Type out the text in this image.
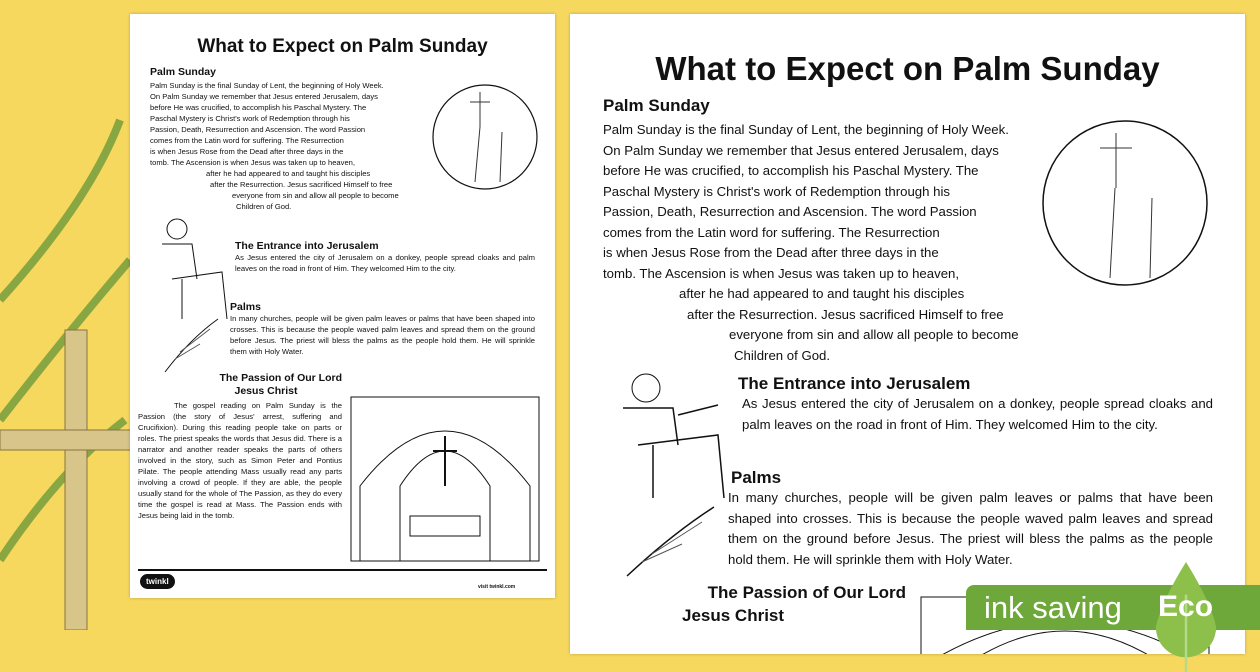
What to Expect on Palm Sunday
Palm Sunday
Palm Sunday is the final Sunday of Lent, the beginning of Holy Week.
On Palm Sunday we remember that Jesus entered Jerusalem, days
before He was crucified, to accomplish his Paschal Mystery. The
Paschal Mystery is Christ's work of Redemption through his
Passion, Death, Resurrection and Ascension. The word Passion
comes from the Latin word for suffering. The Resurrection
is when Jesus Rose from the Dead after three days in the
tomb. The Ascension is when Jesus was taken up to heaven,
after he had appeared to and taught his disciples
after the Resurrection. Jesus sacrificed Himself to free
everyone from sin and allow all people to become
Children of God.
The Entrance into Jerusalem
As Jesus entered the city of Jerusalem on a donkey, people spread cloaks and palm leaves on the road in front of Him. They welcomed Him to the city.
Palms
In many churches, people will be given palm leaves or palms that have been shaped into crosses. This is because the people waved palm leaves and spread them on the ground before Jesus. The priest will bless the palms as the people hold them. He will sprinkle them with Holy Water.
The Passion of Our Lord
Jesus Christ
The gospel reading on Palm Sunday is the Passion (the story of Jesus' arrest, suffering and Crucifixion). During this reading people take on parts or roles. The priest speaks the words that Jesus did. There is a narrator and another reader speaks the parts of others involved in the story, such as Simon Peter and Pontius Pilate. The people attending Mass usually read any parts involving a crowd of people. If they are able, the people usually stand for the whole of The Passion, as they do every time the gospel is read at Mass. The Passion ends with Jesus being laid in the tomb.
twinkl
visit twinkl.com
What to Expect on Palm Sunday
Palm Sunday
Palm Sunday is the final Sunday of Lent, the beginning of Holy Week.
On Palm Sunday we remember that Jesus entered Jerusalem, days
before He was crucified, to accomplish his Paschal Mystery. The
Paschal Mystery is Christ's work of Redemption through his
Passion, Death, Resurrection and Ascension. The word Passion
comes from the Latin word for suffering. The Resurrection
is when Jesus Rose from the Dead after three days in the
tomb. The Ascension is when Jesus was taken up to heaven,
after he had appeared to and taught his disciples
after the Resurrection. Jesus sacrificed Himself to free
everyone from sin and allow all people to become
Children of God.
The Entrance into Jerusalem
As Jesus entered the city of Jerusalem on a donkey, people spread cloaks and palm leaves on the road in front of Him. They welcomed Him to the city.
Palms
In many churches, people will be given palm leaves or palms that have been shaped into crosses. This is because the people waved palm leaves and spread them on the ground before Jesus. The priest will bless the palms as the people hold them. He will sprinkle them with Holy Water.
The Passion of Our Lord
Jesus Christ	ink saving Eco
